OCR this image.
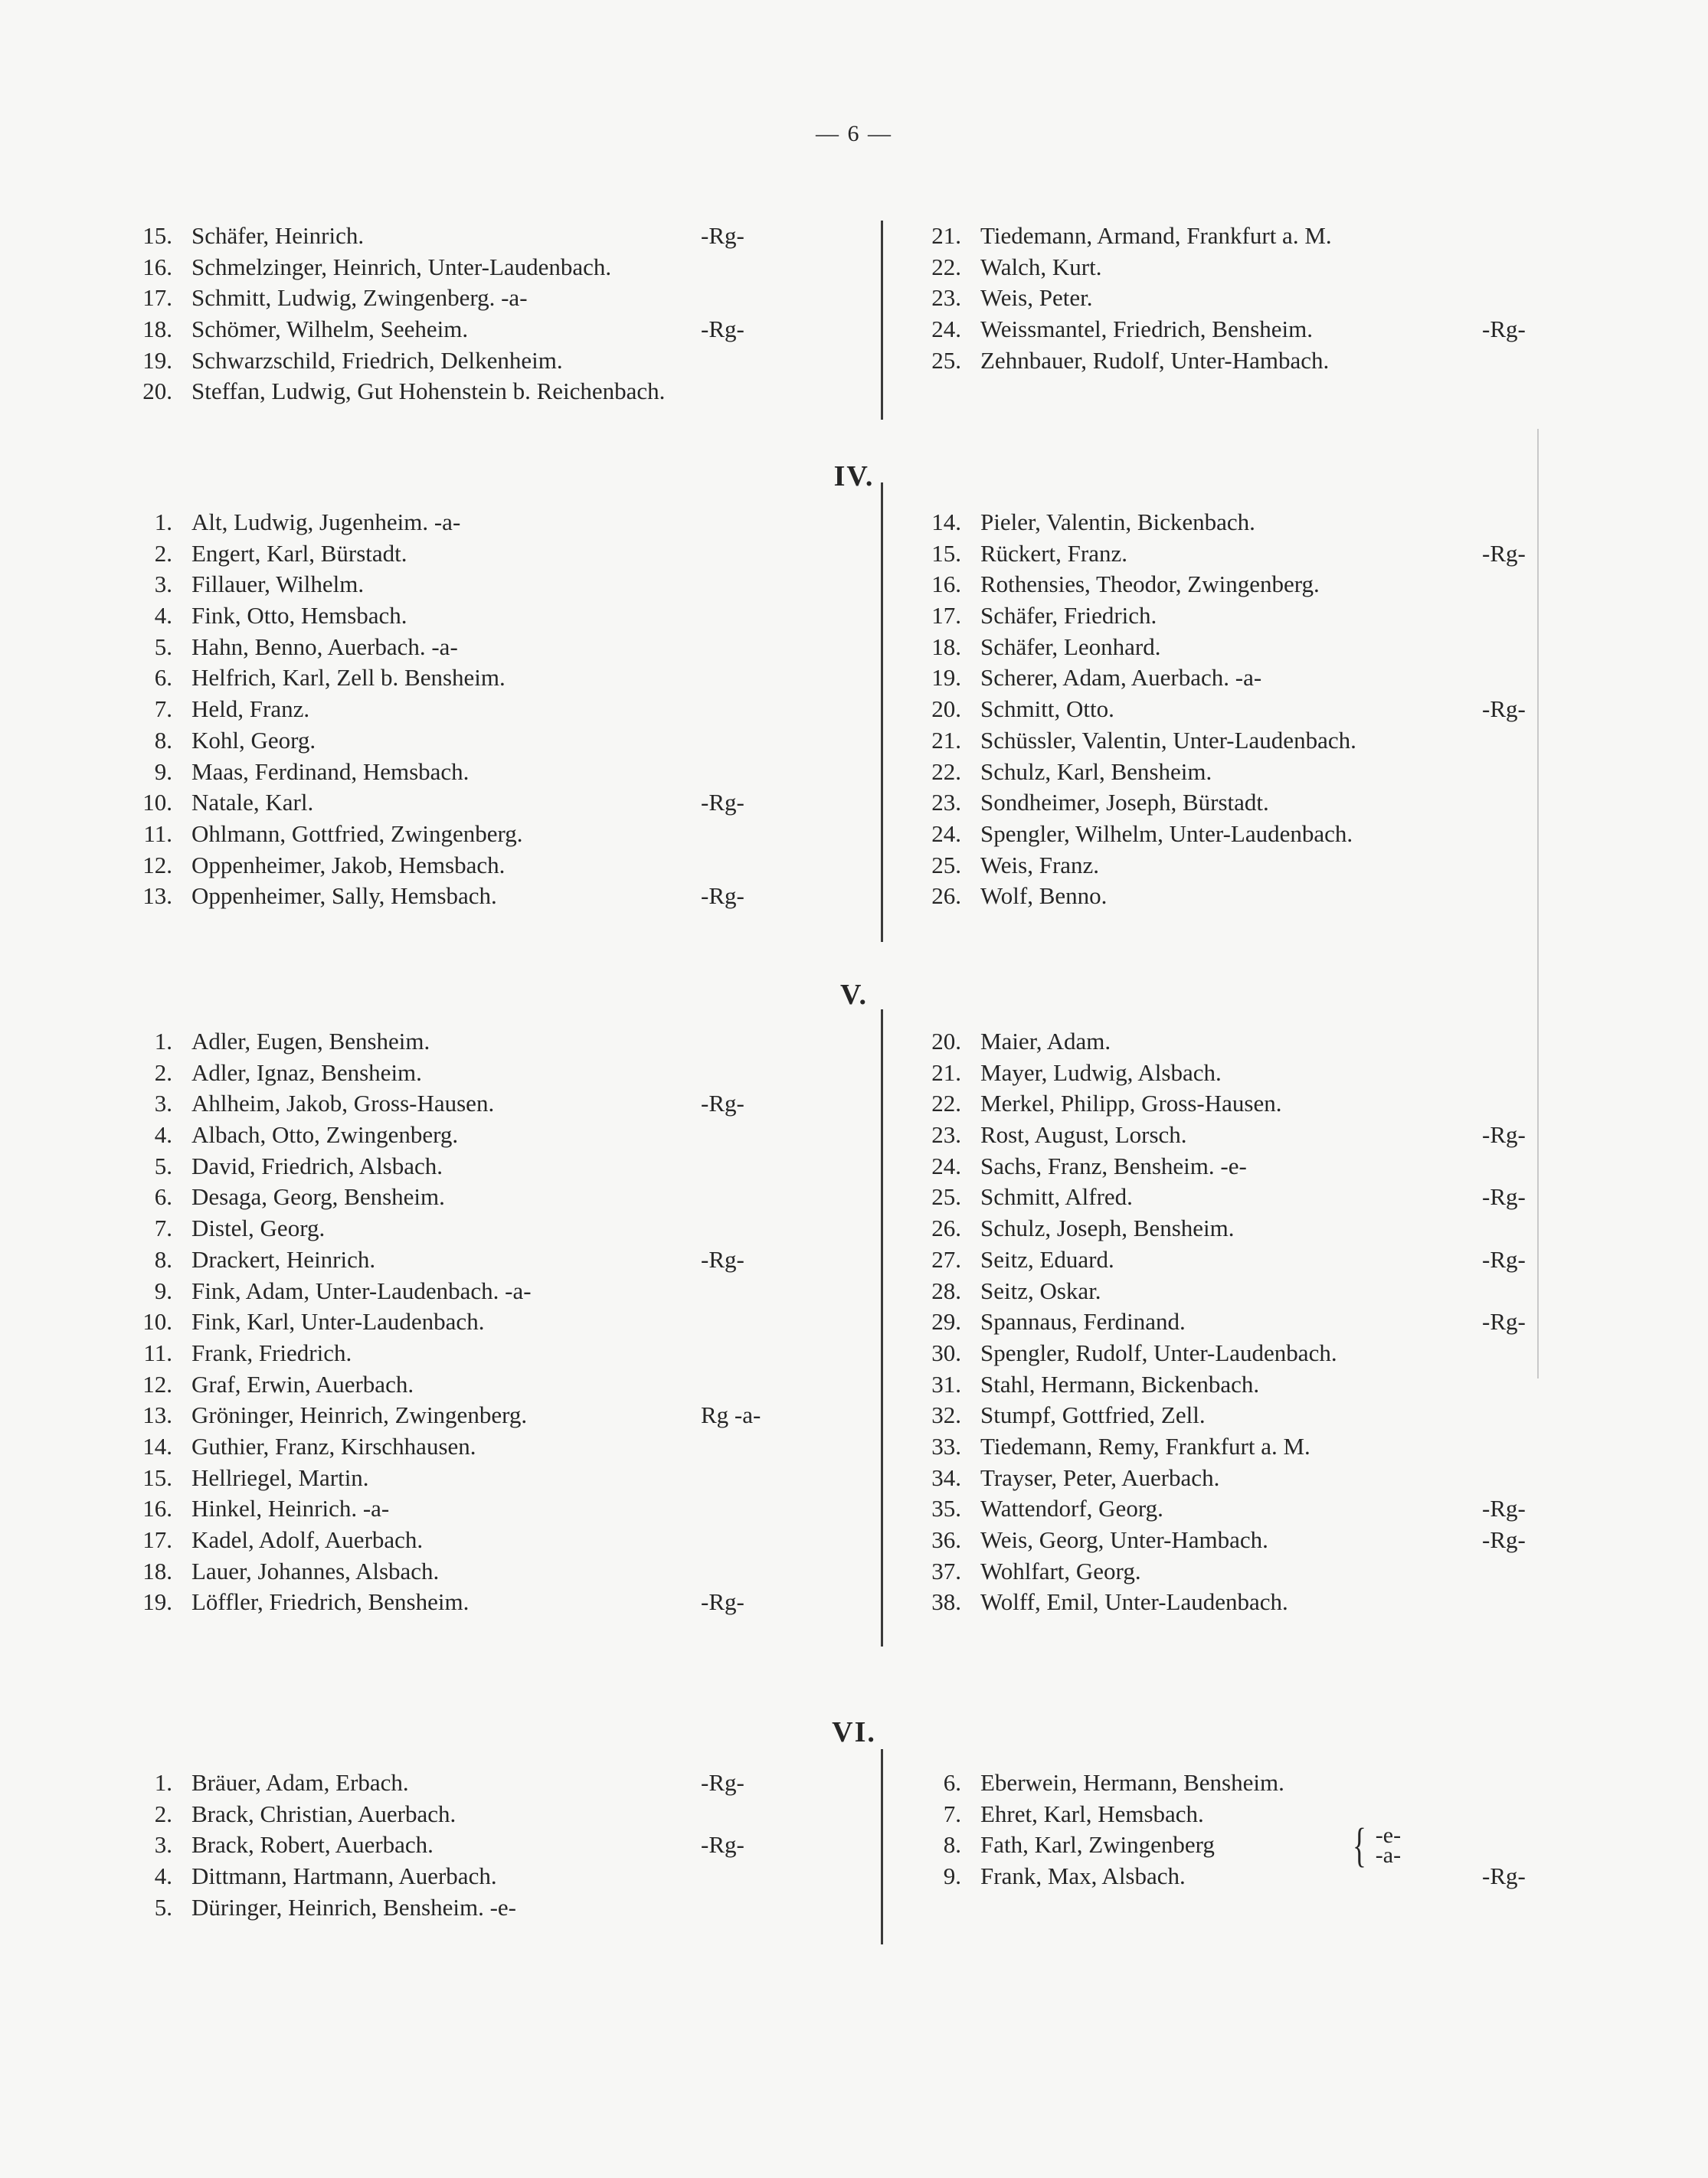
— 6 —
15. Schäfer, Heinrich.	-Rg-
16. Schmelzinger, Heinrich, Unter-Laudenbach.
17. Schmitt, Ludwig, Zwingenberg. -a-
18. Schömer, Wilhelm, Seeheim.	-Rg-
19. Schwarzschild, Friedrich, Delkenheim.
20. Steffan, Ludwig, Gut Hohenstein b. Reichenbach.
21. Tiedemann, Armand, Frankfurt a. M.
22. Walch, Kurt.
23. Weis, Peter.
24. Weissmantel, Friedrich, Bensheim.	-Rg-
25. Zehnbauer, Rudolf, Unter-Hambach.
IV.
1. Alt, Ludwig, Jugenheim. -a-
2. Engert, Karl, Bürstadt.
3. Fillauer, Wilhelm.
4. Fink, Otto, Hemsbach.
5. Hahn, Benno, Auerbach. -a-
6. Helfrich, Karl, Zell b. Bensheim.
7. Held, Franz.
8. Kohl, Georg.
9. Maas, Ferdinand, Hemsbach.
10. Natale, Karl.	-Rg-
11. Ohlmann, Gottfried, Zwingenberg.
12. Oppenheimer, Jakob, Hemsbach.
13. Oppenheimer, Sally, Hemsbach.	-Rg-
14. Pieler, Valentin, Bickenbach.
15. Rückert, Franz.	-Rg-
16. Rothensies, Theodor, Zwingenberg.
17. Schäfer, Friedrich.
18. Schäfer, Leonhard.
19. Scherer, Adam, Auerbach. -a-
20. Schmitt, Otto.	-Rg-
21. Schüssler, Valentin, Unter-Laudenbach.
22. Schulz, Karl, Bensheim.
23. Sondheimer, Joseph, Bürstadt.
24. Spengler, Wilhelm, Unter-Laudenbach.
25. Weis, Franz.
26. Wolf, Benno.
V.
1. Adler, Eugen, Bensheim.
2. Adler, Ignaz, Bensheim.
3. Ahlheim, Jakob, Gross-Hausen.	-Rg-
4. Albach, Otto, Zwingenberg.
5. David, Friedrich, Alsbach.
6. Desaga, Georg, Bensheim.
7. Distel, Georg.
8. Drackert, Heinrich.	-Rg-
9. Fink, Adam, Unter-Laudenbach. -a-
10. Fink, Karl, Unter-Laudenbach.
11. Frank, Friedrich.
12. Graf, Erwin, Auerbach.
13. Gröninger, Heinrich, Zwingenberg.	Rg -a-
14. Guthier, Franz, Kirschhausen.
15. Hellriegel, Martin.
16. Hinkel, Heinrich. -a-
17. Kadel, Adolf, Auerbach.
18. Lauer, Johannes, Alsbach.
19. Löffler, Friedrich, Bensheim.	-Rg-
20. Maier, Adam.
21. Mayer, Ludwig, Alsbach.
22. Merkel, Philipp, Gross-Hausen.
23. Rost, August, Lorsch.	-Rg-
24. Sachs, Franz, Bensheim. -e-
25. Schmitt, Alfred.	-Rg-
26. Schulz, Joseph, Bensheim.
27. Seitz, Eduard.	-Rg-
28. Seitz, Oskar.
29. Spannaus, Ferdinand.	-Rg-
30. Spengler, Rudolf, Unter-Laudenbach.
31. Stahl, Hermann, Bickenbach.
32. Stumpf, Gottfried, Zell.
33. Tiedemann, Remy, Frankfurt a. M.
34. Trayser, Peter, Auerbach.
35. Wattendorf, Georg.	-Rg-
36. Weis, Georg, Unter-Hambach.	-Rg-
37. Wohlfart, Georg.
38. Wolff, Emil, Unter-Laudenbach.
VI.
1. Bräuer, Adam, Erbach.	-Rg-
2. Brack, Christian, Auerbach.
3. Brack, Robert, Auerbach.	-Rg-
4. Dittmann, Hartmann, Auerbach.
5. Düringer, Heinrich, Bensheim. -e-
6. Eberwein, Hermann, Bensheim.
7. Ehret, Karl, Hemsbach.
8. Fath, Karl, Zwingenberg	{ -e-
-a-
9. Frank, Max, Alsbach.	-Rg-
